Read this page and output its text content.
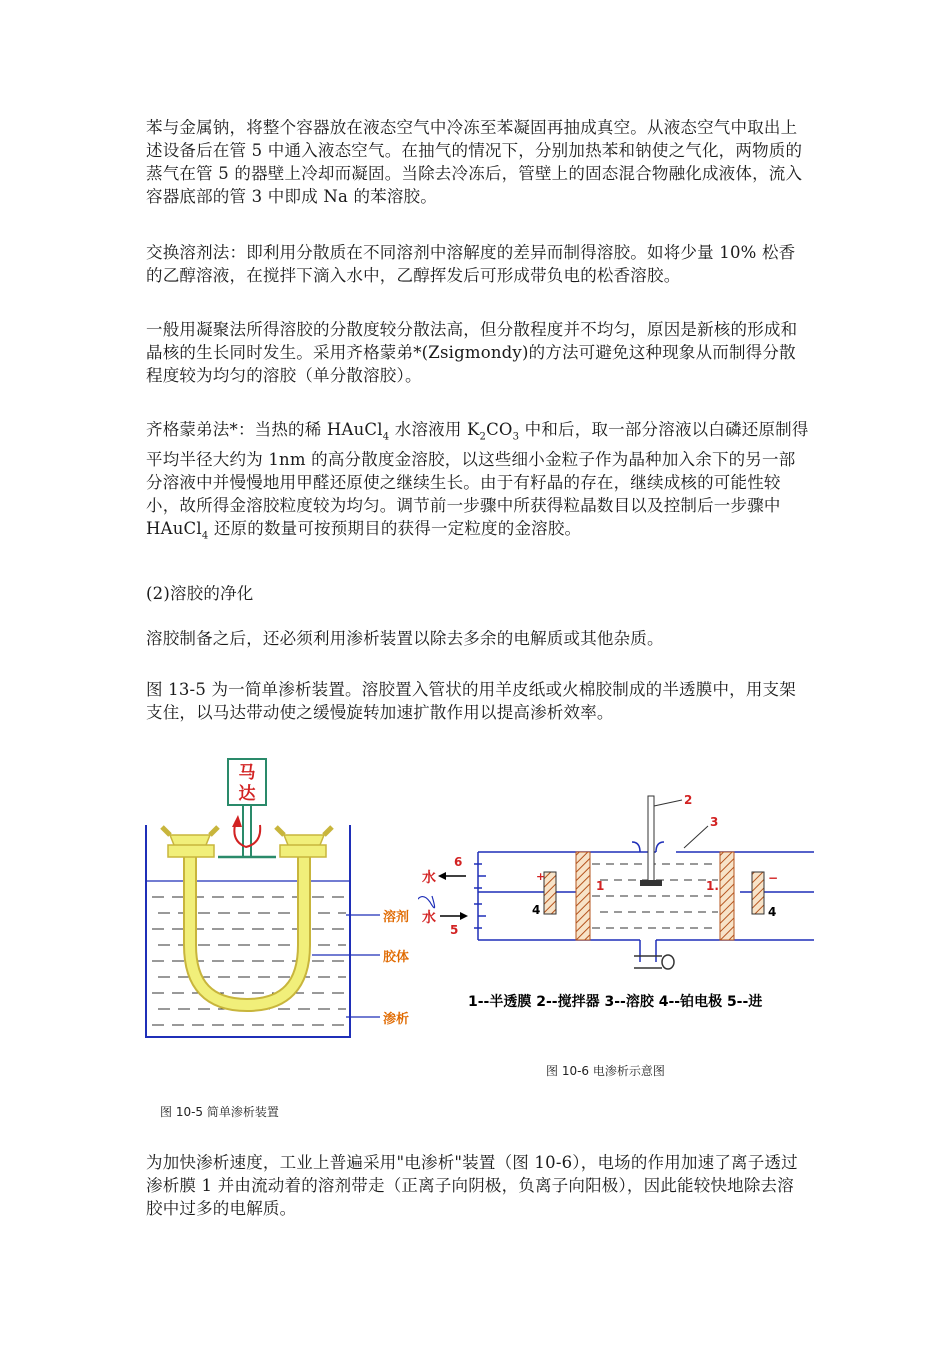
苯与金属钠，将整个容器放在液态空气中冷冻至苯凝固再抽成真空。从液态空气中取出上述设备后在管 5 中通入液态空气。在抽气的情况下，分别加热苯和钠使之气化，两物质的蒸气在管 5 的器壁上冷却而凝固。当除去冷冻后，管壁上的固态混合物融化成液体，流入容器底部的管 3 中即成 Na 的苯溶胶。

交换溶剂法：即利用分散质在不同溶剂中溶解度的差异而制得溶胶。如将少量 10% 松香的乙醇溶液，在搅拌下滴入水中，乙醇挥发后可形成带负电的松香溶胶。

一般用凝聚法所得溶胶的分散度较分散法高，但分散程度并不均匀，原因是新核的形成和晶核的生长同时发生。采用齐格蒙弟*(Zsigmondy)的方法可避免这种现象从而制得分散程度较为均匀的溶胶（单分散溶胶）。

齐格蒙弟法*：当热的稀 HAuCl$_4$ 水溶液用 $K_2CO_3$ 中和后，取一部分溶液以白磷还原制得平均半径大约为 1nm 的高分散度金溶胶，以这些细小金粒子作为晶种加入余下的另一部分溶液中并慢慢地用甲醛还原使之继续生长。由于有籽晶的存在，继续成核的可能性较小，故所得金溶胶粒度较为均匀。调节前一步骤中所获得粒晶数目以及控制后一步骤中 HAuCl$_4$ 还原的数量可按预期目的获得一定粒度的金溶胶。

(2)溶胶的净化

溶胶制备之后，还必须利用渗析装置以除去多余的电解质或其他杂质。

图 13-5 为一简单渗析装置。溶胶置入管状的用羊皮纸或火棉胶制成的半透膜中，用支架支住，以马达带动使之缓慢旋转加速扩散作用以提高渗析效率。

马
达
溶剂
胶体
渗析
水
6
水
5
+
4
−
4
1	1.
2
3
1--半透膜 2--搅拌器 3--溶胶 4--铂电极 5--进
图 10-6 电渗析示意图
图 10-5 简单渗析装置

为加快渗析速度，工业上普遍采用"电渗析"装置（图 10-6），电场的作用加速了离子透过渗析膜 1 并由流动着的溶剂带走（正离子向阴极，负离子向阳极），因此能较快地除去溶胶中过多的电解质。
